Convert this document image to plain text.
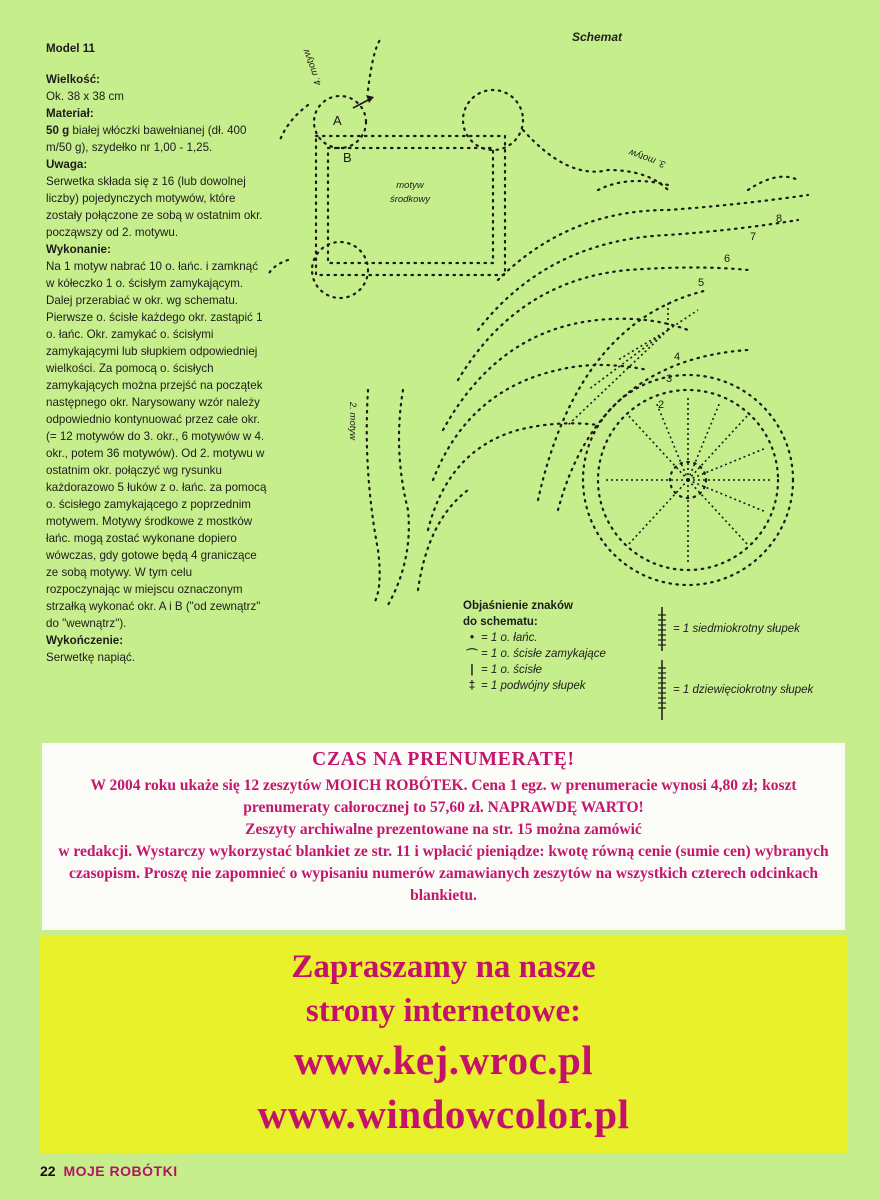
Model 11

Wielkość:

Ok. 38 x 38 cm

Materiał:

50 g białej włóczki bawełnianej (dł. 400 m/50 g), szydełko nr 1,00 - 1,25.

Uwaga:

Serwetka składa się z 16 (lub dowolnej liczby) pojedynczych motywów, które zostały połączone ze sobą w ostatnim okr. począwszy od 2. motywu.

Wykonanie:

Na 1 motyw nabrać 10 o. łańc. i zamknąć w kółeczko 1 o. ścisłym zamykającym. Dalej przerabiać w okr. wg schematu. Pierwsze o. ścisłe każdego okr. zastąpić 1 o. łańc. Okr. zamykać o. ścisłymi zamykającymi lub słupkiem odpowiedniej wielkości. Za pomocą o. ścisłych zamykających można przejść na początek następnego okr. Narysowany wzór należy odpowiednio kontynuować przez całe okr. (= 12 motywów do 3. okr., 6 motywów w 4. okr., potem 36 motywów). Od 2. motywu w ostatnim okr. połączyć wg rysunku każdorazowo 5 łuków z o. łańc. za pomocą o. ścisłego zamykającego z poprzednim motywem. Motywy środkowe z mostków łańc. mogą zostać wykonane dopiero wówczas, gdy gotowe będą 4 graniczące ze sobą motywy. W tym celu rozpoczynając w miejscu oznaczonym strzałką wykonać okr. A i B ("od zewnątrz" do "wewnątrz").

Wykończenie:

Serwetkę napiąć.

Schemat
motyw
środkowy
2. motyw
3. motyw
4. motyw
A
B
2
3
4
5
6
7
8
Objaśnienie znaków
do schematu:
• = 1 o. łańc.
⌒ = 1 o. ścisłe zamykające
| = 1 o. ścisłe
‡ = 1 podwójny słupek
= 1 siedmiokrotny słupek
= 1 dziewięciokrotny słupek
CZAS NA PRENUMERATĘ!
W 2004 roku ukaże się 12 zeszytów MOICH ROBÓTEK. Cena 1 egz. w prenumeracie wynosi 4,80 zł; koszt prenumeraty całorocznej to 57,60 zł. NAPRAWDĘ WARTO!
Zeszyty archiwalne prezentowane na str. 15 można zamówić
w redakcji. Wystarczy wykorzystać blankiet ze str. 11 i wpłacić pieniądze: kwotę równą cenie (sumie cen) wybranych czasopism. Proszę nie zapomnieć o wypisaniu numerów zamawianych zeszytów na wszystkich czterech odcinkach blankietu.
Zapraszamy na nasze
strony internetowe:
www.kej.wroc.pl
www.windowcolor.pl
22 MOJE ROBÓTKI
